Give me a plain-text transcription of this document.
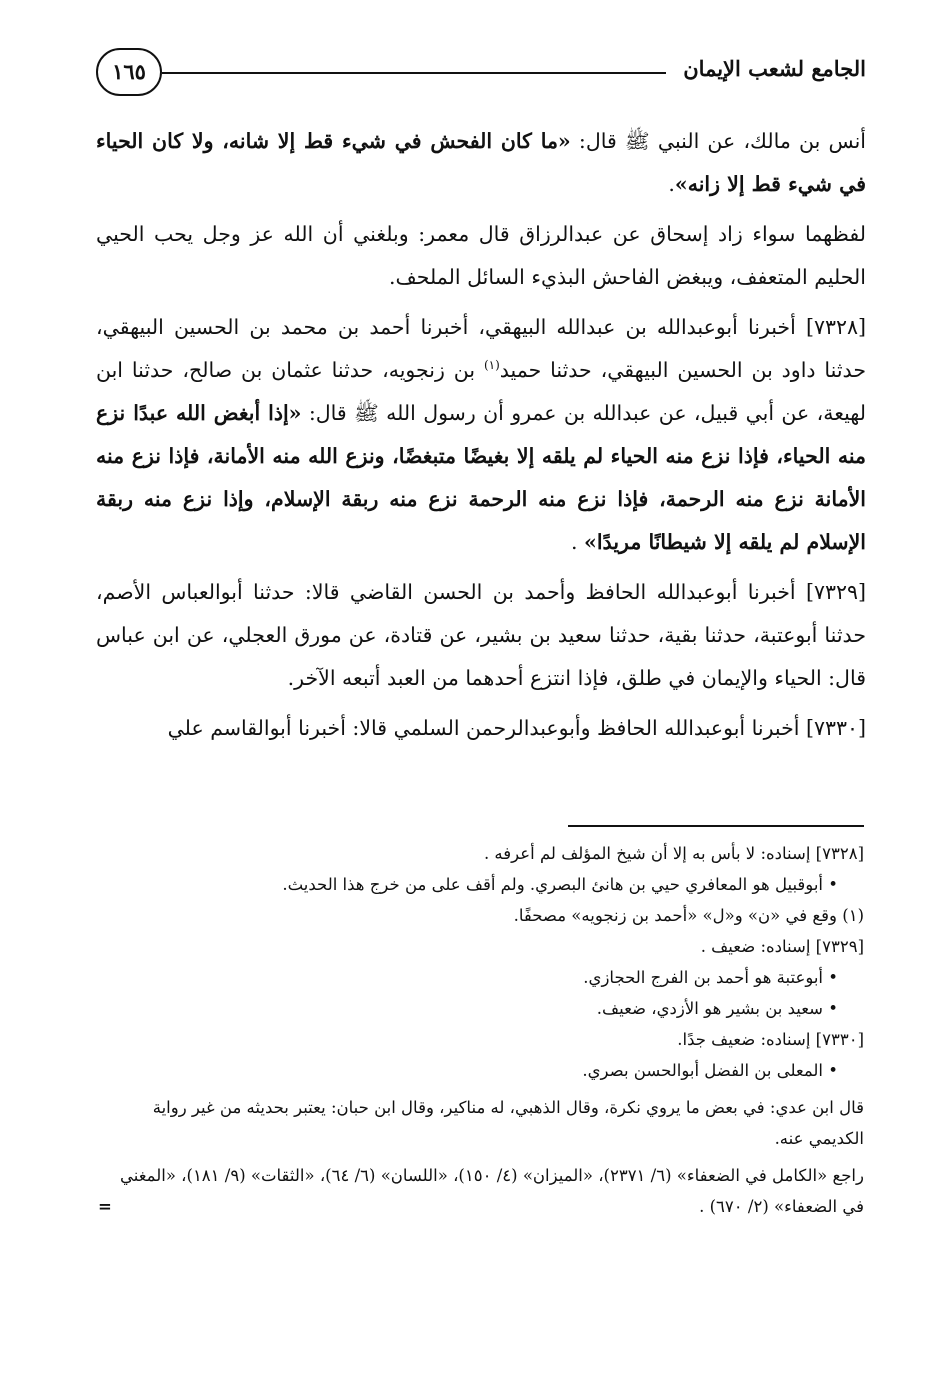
الجامع لشعب الإيمان
١٦٥

أنس بن مالك، عن النبي ﷺ قال: «ما كان الفحش في شيء قط إلا شانه، ولا كان الحياء في شيء قط إلا زانه».

لفظهما سواء زاد إسحاق عن عبدالرزاق قال معمر: وبلغني أن الله عز وجل يحب الحيي الحليم المتعفف، ويبغض الفاحش البذيء السائل الملحف.

[٧٣٢٨] أخبرنا أبوعبدالله بن عبدالله البيهقي، أخبرنا أحمد بن محمد بن الحسين البيهقي، حدثنا داود بن الحسين البيهقي، حدثنا حميد$^{(١)}$ بن زنجويه، حدثنا عثمان بن صالح، حدثنا ابن لهيعة، عن أبي قبيل، عن عبدالله بن عمرو أن رسول الله ﷺ قال: «إذا أبغض الله عبدًا نزع منه الحياء، فإذا نزع منه الحياء لم يلقه إلا بغيضًا متبغضًا، ونزع الله منه الأمانة، فإذا نزع منه الأمانة نزع منه الرحمة، فإذا نزع منه الرحمة نزع منه ربقة الإسلام، وإذا نزع منه ربقة الإسلام لم يلقه إلا شيطانًا مريدًا» .

[٧٣٢٩] أخبرنا أبوعبدالله الحافظ وأحمد بن الحسن القاضي قالا: حدثنا أبوالعباس الأصم، حدثنا أبوعتبة، حدثنا بقية، حدثنا سعيد بن بشير، عن قتادة، عن مورق العجلي، عن ابن عباس قال: الحياء والإيمان في طلق، فإذا انتزع أحدهما من العبد أتبعه الآخر.

[٧٣٣٠] أخبرنا أبوعبدالله الحافظ وأبوعبدالرحمن السلمي قالا: أخبرنا أبوالقاسم علي

[٧٣٢٨] إسناده: لا بأس به إلا أن شيخ المؤلف لم أعرفه .

• أبوقبيل هو المعافري حيي بن هانئ البصري. ولم أقف على من خرج هذا الحديث.

(١) وقع في «ن» و«ل» «أحمد بن زنجويه» مصحفًا.

[٧٣٢٩] إسناده: ضعيف .

• أبوعتبة هو أحمد بن الفرج الحجازي.

• سعيد بن بشير هو الأزدي، ضعيف.

[٧٣٣٠] إسناده: ضعيف جدًا.

• المعلى بن الفضل أبوالحسن بصري.

قال ابن عدي: في بعض ما يروي نكرة، وقال الذهبي، له مناكير، وقال ابن حبان: يعتبر بحديثه من غير رواية الكديمي عنه.

راجع «الكامل في الضعفاء» (٦/ ٢٣٧١)، «الميزان» (٤/ ١٥٠)، «اللسان» (٦/ ٦٤)، «الثقات» (٩/ ١٨١)، «المغني في الضعفاء» (٢/ ٦٧٠) .
=
